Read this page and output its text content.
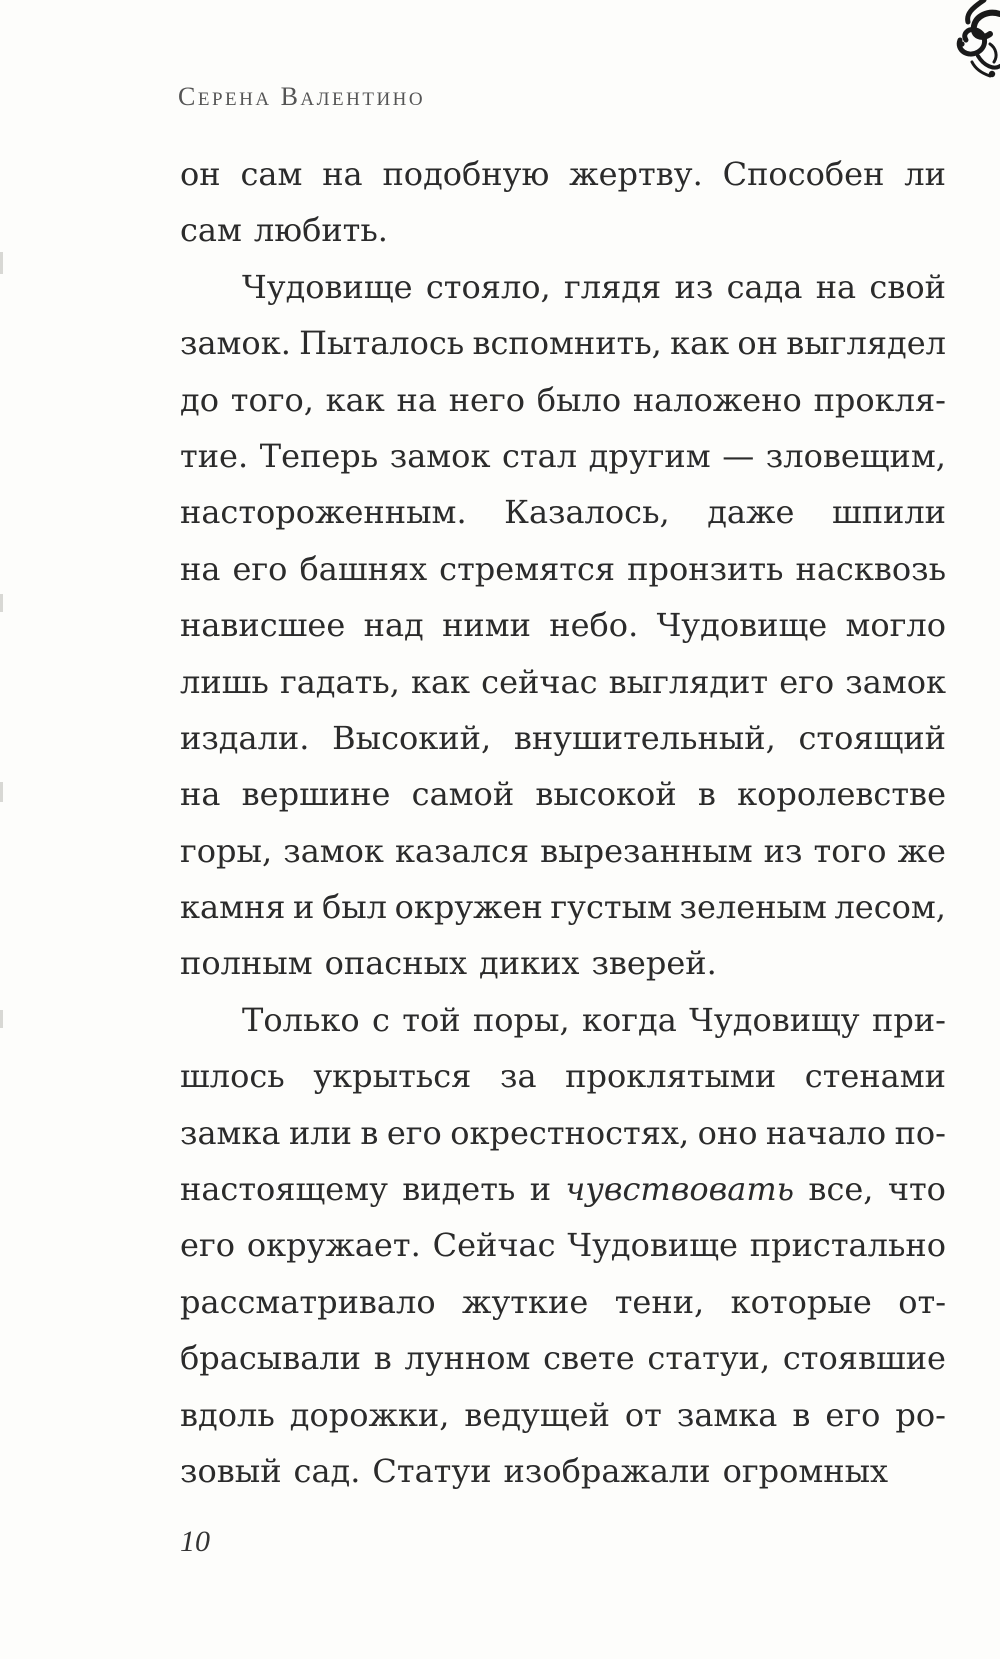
СЕРЕНА ВАЛЕНТИНО
он сам на подобную жертву. Способен ли
сам любить.
Чудовище стояло, глядя из сада на свой
замок. Пыталось вспомнить, как он выглядел
до того, как на него было наложено прокля-
тие. Теперь замок стал другим — зловещим,
настороженным. Казалось, даже шпили
на его башнях стремятся пронзить насквозь
нависшее над ними небо. Чудовище могло
лишь гадать, как сейчас выглядит его замок
издали. Высокий, внушительный, стоящий
на вершине самой высокой в королевстве
горы, замок казался вырезанным из того же
камня и был окружен густым зеленым лесом,
полным опасных диких зверей.
Только с той поры, когда Чудовищу при-
шлось укрыться за проклятыми стенами
замка или в его окрестностях, оно начало по-
настоящему видеть и чувствовать все, что
его окружает. Сейчас Чудовище пристально
рассматривало жуткие тени, которые от-
брасывали в лунном свете статуи, стоявшие
вдоль дорожки, ведущей от замка в его ро-
зовый сад. Статуи изображали огромных
10
